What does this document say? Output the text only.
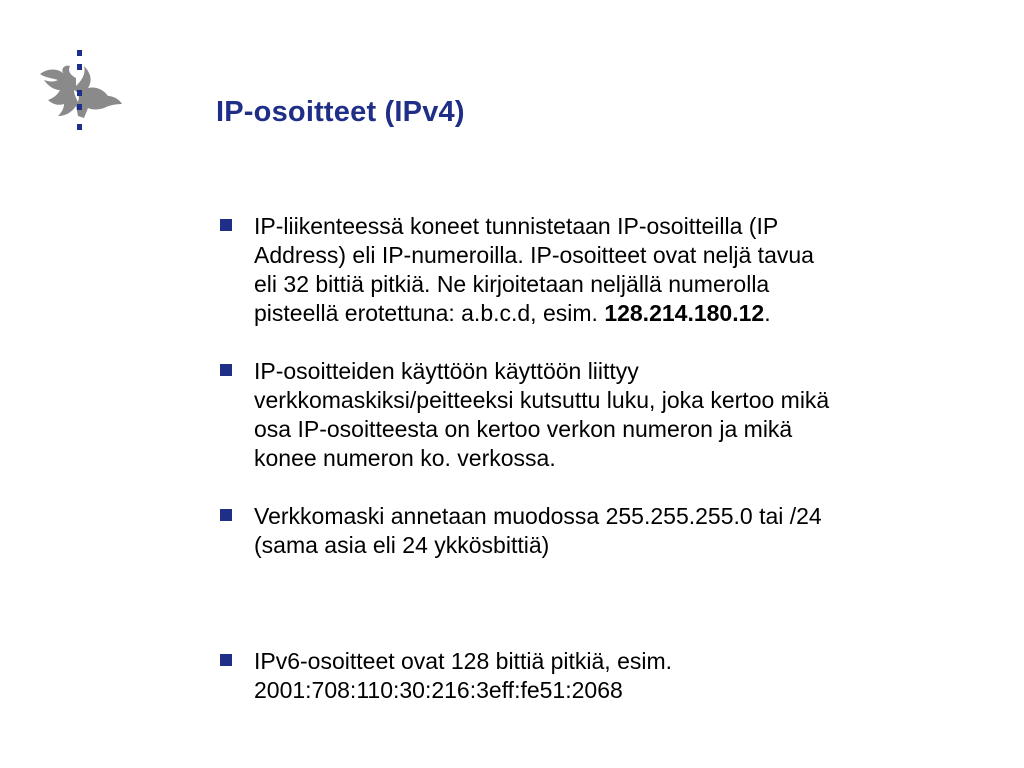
IP-osoitteet (IPv4)
IP-liikenteessä koneet tunnistetaan IP-osoitteilla (IP
Address) eli IP-numeroilla. IP-osoitteet ovat neljä tavua
eli 32 bittiä pitkiä. Ne kirjoitetaan neljällä numerolla
pisteellä erotettuna: a.b.c.d, esim. 128.214.180.12.
IP-osoitteiden käyttöön käyttöön liittyy
verkkomaskiksi/peitteeksi kutsuttu luku, joka kertoo mikä
osa IP-osoitteesta on kertoo verkon numeron ja mikä
konee numeron ko. verkossa.
Verkkomaski annetaan muodossa 255.255.255.0 tai /24
(sama asia eli 24 ykkösbittiä)
IPv6-osoitteet ovat 128 bittiä pitkiä, esim.
2001:708:110:30:216:3eff:fe51:2068
